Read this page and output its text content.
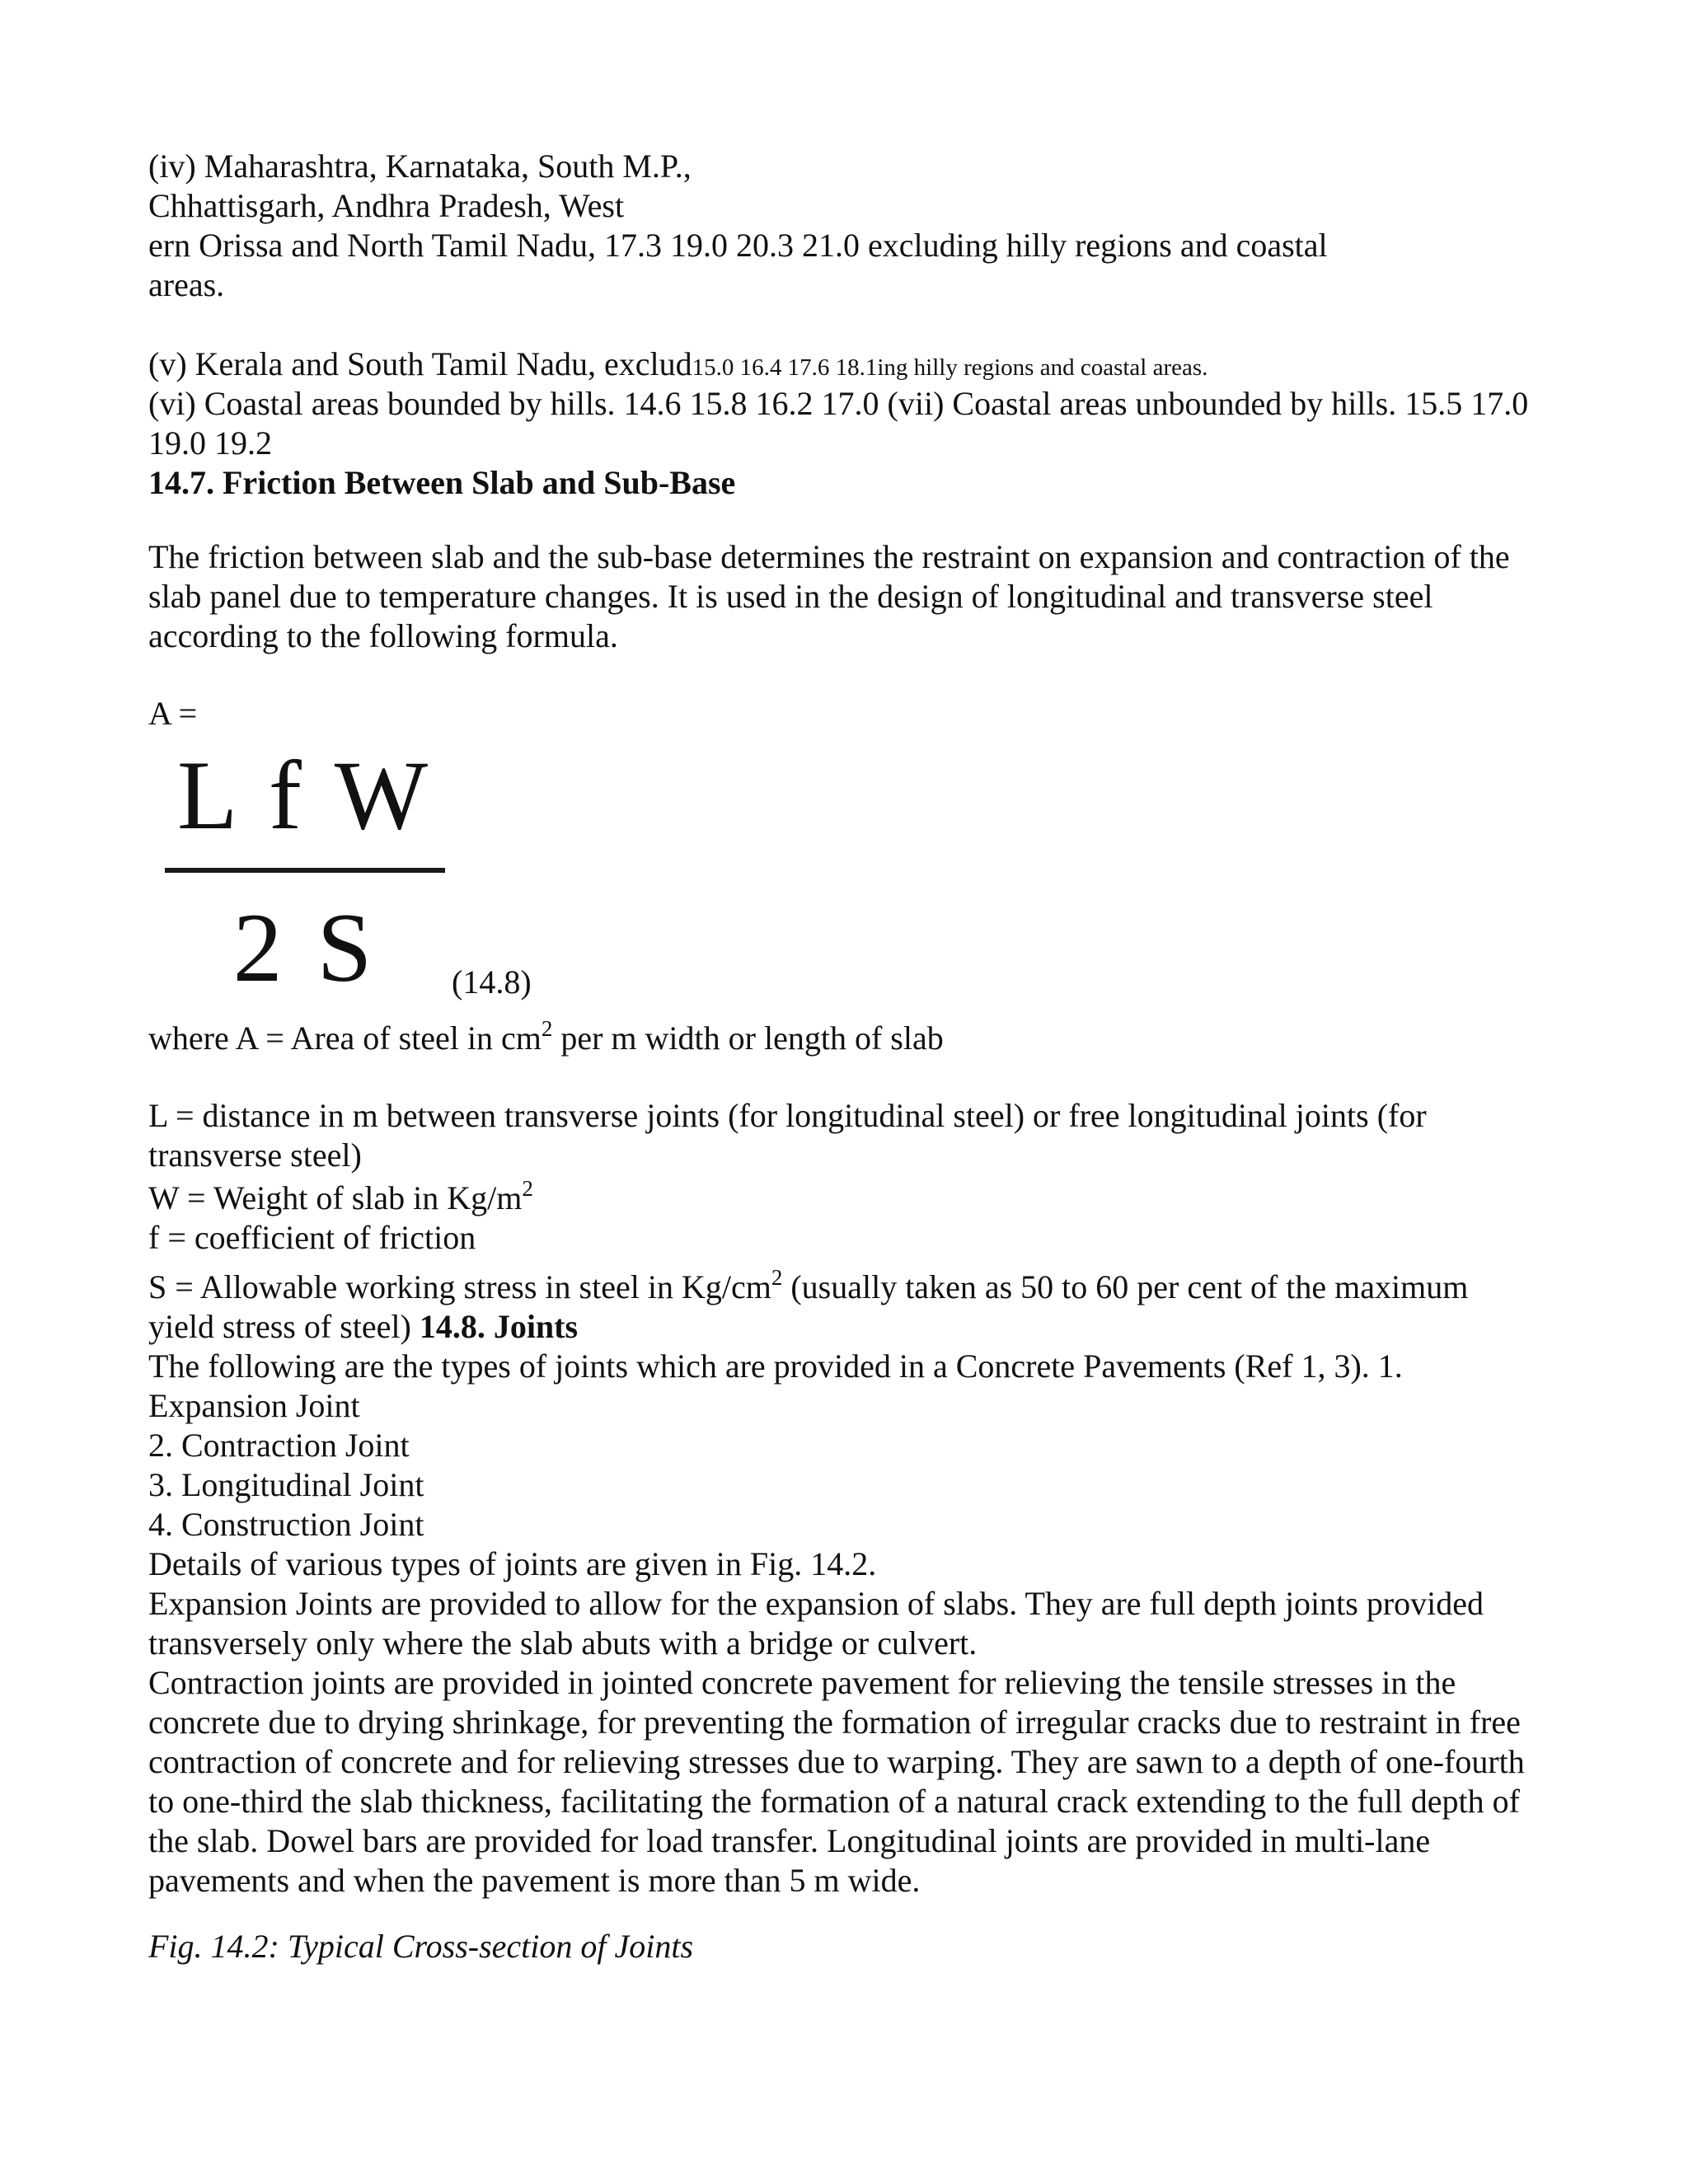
(iv) Maharashtra, Karnataka, South M.P.,
Chhattisgarh, Andhra Pradesh, West
ern Orissa and North Tamil Nadu, 17.3 19.0 20.3 21.0 excluding hilly regions and coastal
areas.
(v) Kerala and South Tamil Nadu, exclud15.0 16.4 17.6 18.1ing hilly regions and coastal areas.
(vi) Coastal areas bounded by hills. 14.6 15.8 16.2 17.0 (vii) Coastal areas unbounded by hills. 15.5 17.0
19.0 19.2
14.7. Friction Between Slab and Sub-Base
The friction between slab and the sub-base determines the restraint on expansion and contraction of the
slab panel due to temperature changes. It is used in the design of longitudinal and transverse steel
according to the following formula.
A =
L f W
2 S	(14.8)
where A = Area of steel in $cm^2$ per m width or length of slab
L = distance in m between transverse joints (for longitudinal steel) or free longitudinal joints (for
transverse steel)
W = Weight of slab in $Kg/m^2$
f = coefficient of friction
S = Allowable working stress in steel in $Kg/cm^2$ (usually taken as 50 to 60 per cent of the maximum
yield stress of steel) 14.8. Joints
The following are the types of joints which are provided in a Concrete Pavements (Ref 1, 3). 1.
Expansion Joint
2. Contraction Joint
3. Longitudinal Joint
4. Construction Joint
Details of various types of joints are given in Fig. 14.2.
Expansion Joints are provided to allow for the expansion of slabs. They are full depth joints provided
transversely only where the slab abuts with a bridge or culvert.
Contraction joints are provided in jointed concrete pavement for relieving the tensile stresses in the
concrete due to drying shrinkage, for preventing the formation of irregular cracks due to restraint in free
contraction of concrete and for relieving stresses due to warping. They are sawn to a depth of one-fourth
to one-third the slab thickness, facilitating the formation of a natural crack extending to the full depth of
the slab. Dowel bars are provided for load transfer. Longitudinal joints are provided in multi-lane
pavements and when the pavement is more than 5 m wide.
Fig. 14.2: Typical Cross-section of Joints
